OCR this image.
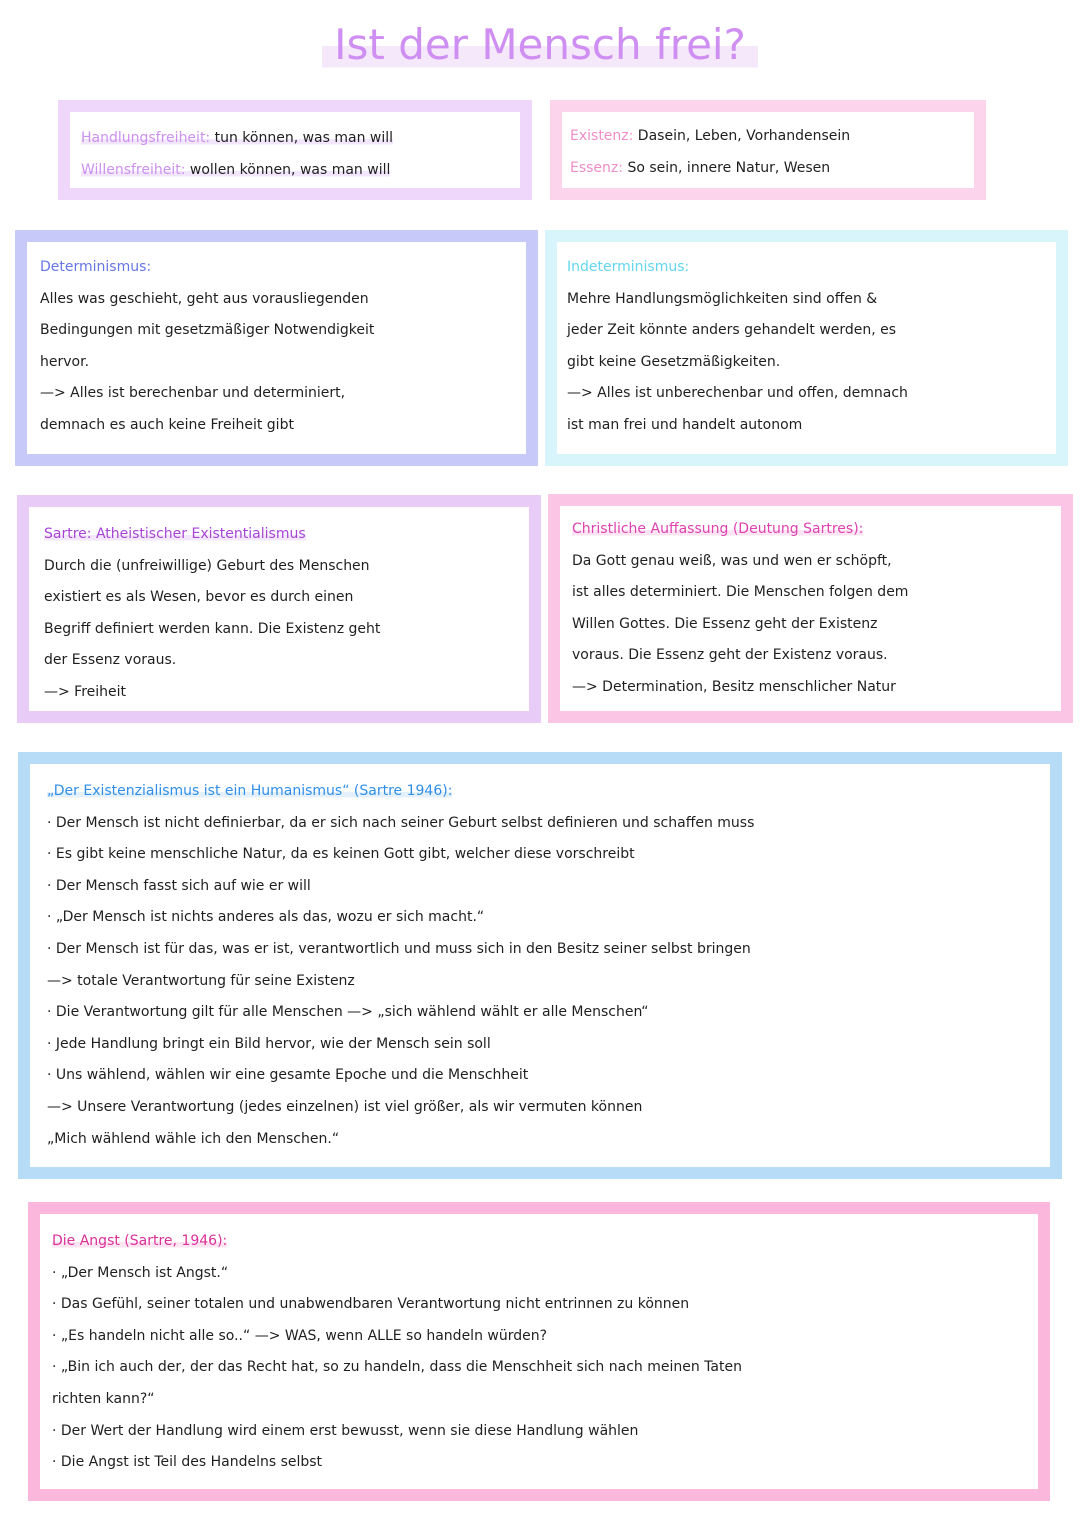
Ist der Mensch frei?
Handlungsfreiheit: tun können, was man will
Willensfreiheit: wollen können, was man will
Existenz: Dasein, Leben, Vorhandensein
Essenz: So sein, innere Natur, Wesen
Determinismus:
Alles was geschieht, geht aus vorausliegenden
Bedingungen mit gesetzmäßiger Notwendigkeit
hervor.
—> Alles ist berechenbar und determiniert,
demnach es auch keine Freiheit gibt
Indeterminismus:
Mehre Handlungsmöglichkeiten sind offen &
jeder Zeit könnte anders gehandelt werden, es
gibt keine Gesetzmäßigkeiten.
—> Alles ist unberechenbar und offen, demnach
ist man frei und handelt autonom
Sartre: Atheistischer Existentialismus
Durch die (unfreiwillige) Geburt des Menschen
existiert es als Wesen, bevor es durch einen
Begriff definiert werden kann. Die Existenz geht
der Essenz voraus.
—> Freiheit
Christliche Auffassung (Deutung Sartres):
Da Gott genau weiß, was und wen er schöpft,
ist alles determiniert. Die Menschen folgen dem
Willen Gottes. Die Essenz geht der Existenz
voraus. Die Essenz geht der Existenz voraus.
—> Determination, Besitz menschlicher Natur
„Der Existenzialismus ist ein Humanismus“ (Sartre 1946):
· Der Mensch ist nicht definierbar, da er sich nach seiner Geburt selbst definieren und schaffen muss
· Es gibt keine menschliche Natur, da es keinen Gott gibt, welcher diese vorschreibt
· Der Mensch fasst sich auf wie er will
· „Der Mensch ist nichts anderes als das, wozu er sich macht.“
· Der Mensch ist für das, was er ist, verantwortlich und muss sich in den Besitz seiner selbst bringen
—> totale Verantwortung für seine Existenz
· Die Verantwortung gilt für alle Menschen —> „sich wählend wählt er alle Menschen“
· Jede Handlung bringt ein Bild hervor, wie der Mensch sein soll
· Uns wählend, wählen wir eine gesamte Epoche und die Menschheit
—> Unsere Verantwortung (jedes einzelnen) ist viel größer, als wir vermuten können
„Mich wählend wähle ich den Menschen.“
Die Angst (Sartre, 1946):
· „Der Mensch ist Angst.“
· Das Gefühl, seiner totalen und unabwendbaren Verantwortung nicht entrinnen zu können
· „Es handeln nicht alle so..“ —> WAS, wenn ALLE so handeln würden?
· „Bin ich auch der, der das Recht hat, so zu handeln, dass die Menschheit sich nach meinen Taten
richten kann?“
· Der Wert der Handlung wird einem erst bewusst, wenn sie diese Handlung wählen
· Die Angst ist Teil des Handelns selbst
